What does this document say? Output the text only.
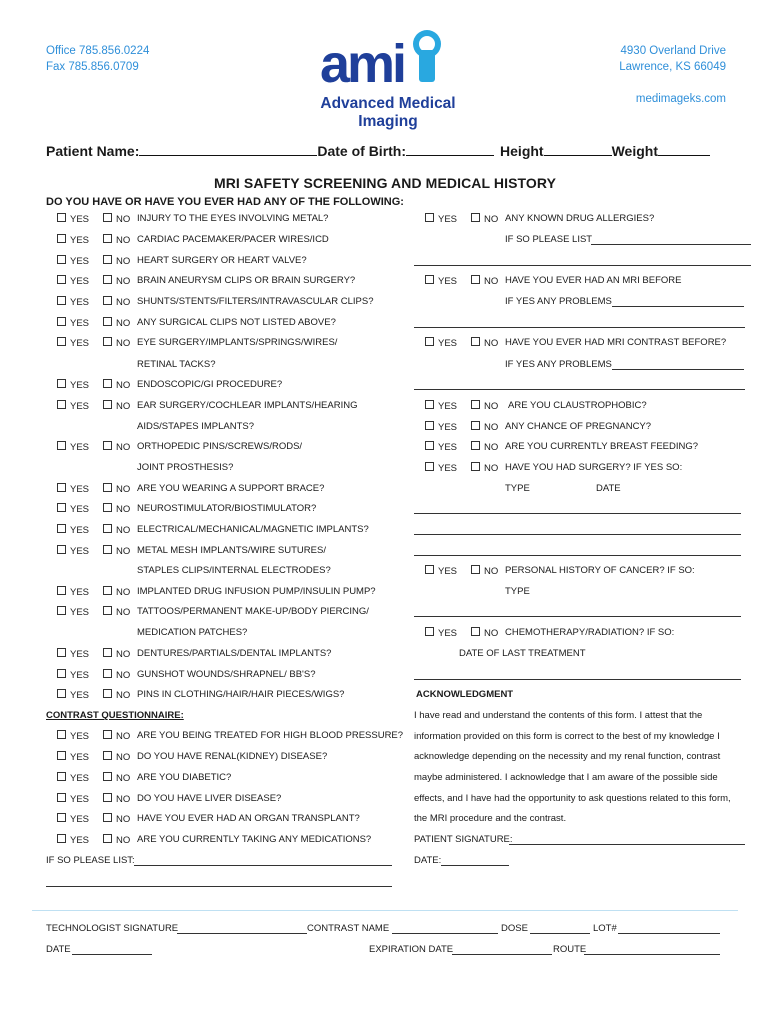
Office 785.856.0224
Fax 785.856.0709	ami
Advanced Medical
Imaging
4930 Overland Drive
Lawrence, KS 66049
medimageks.com
Patient Name:	Date of Birth:	Height	Weight
MRI SAFETY SCREENING AND MEDICAL HISTORY
DO YOU HAVE OR HAVE YOU EVER HAD ANY OF THE FOLLOWING:
YES	NO INJURY TO THE EYES INVOLVING METAL?
YES	NO CARDIAC PACEMAKER/PACER WIRES/ICD
YES	NO HEART SURGERY OR HEART VALVE?
YES	NO BRAIN ANEURYSM CLIPS OR BRAIN SURGERY?
YES	NO SHUNTS/STENTS/FILTERS/INTRAVASCULAR CLIPS?
YES	NO ANY SURGICAL CLIPS NOT LISTED ABOVE?
YES	NO EYE SURGERY/IMPLANTS/SPRINGS/WIRES/
RETINAL TACKS?
YES	NO ENDOSCOPIC/GI PROCEDURE?
YES	NO EAR SURGERY/COCHLEAR IMPLANTS/HEARING
AIDS/STAPES IMPLANTS?
YES	NO ORTHOPEDIC PINS/SCREWS/RODS/
JOINT PROSTHESIS?
YES	NO ARE YOU WEARING A SUPPORT BRACE?
YES	NO NEUROSTIMULATOR/BIOSTIMULATOR?
YES	NO ELECTRICAL/MECHANICAL/MAGNETIC IMPLANTS?
YES	NO METAL MESH IMPLANTS/WIRE SUTURES/
STAPLES CLIPS/INTERNAL ELECTRODES?
YES	NO IMPLANTED DRUG INFUSION PUMP/INSULIN PUMP?
YES	NO TATTOOS/PERMANENT MAKE-UP/BODY PIERCING/
MEDICATION PATCHES?
YES	NO DENTURES/PARTIALS/DENTAL IMPLANTS?
YES	NO GUNSHOT WOUNDS/SHRAPNEL/ BB'S?
YES	NO PINS IN CLOTHING/HAIR/HAIR PIECES/WIGS?
YES	NO ARE YOU BEING TREATED FOR HIGH BLOOD PRESSURE?
YES	NO DO YOU HAVE RENAL(KIDNEY) DISEASE?
YES	NO ARE YOU DIABETIC?
YES	NO DO YOU HAVE LIVER DISEASE?
YES	NO HAVE YOU EVER HAD AN ORGAN TRANSPLANT?
YES	NO ARE YOU CURRENTLY TAKING ANY MEDICATIONS?
YES	NO ANY KNOWN DRUG ALLERGIES?
IF SO PLEASE LIST
YES	NO HAVE YOU EVER HAD AN MRI BEFORE
IF YES ANY PROBLEMS
YES	NO HAVE YOU EVER HAD MRI CONTRAST BEFORE?
IF YES ANY PROBLEMS
YES	NO ARE YOU CLAUSTROPHOBIC?
YES	NO ANY CHANCE OF PREGNANCY?
YES	NO ARE YOU CURRENTLY BREAST FEEDING?
YES	NO HAVE YOU HAD SURGERY? IF YES SO:
YES	NO PERSONAL HISTORY OF CANCER? IF SO:
TYPE
YES	NO CHEMOTHERAPY/RADIATION? IF SO:
DATE OF LAST TREATMENT
TYPE	DATE
CONTRAST QUESTIONNAIRE:
IF SO PLEASE LIST:
ACKNOWLEDGMENT
I have read and understand the contents of this form. I attest that the
information provided on this form is correct to the best of my knowledge I
acknowledge depending on the necessity and my renal function, contrast
maybe administered. I acknowledge that I am aware of the possible side
effects, and I have had the opportunity to ask questions related to this form,
the MRI procedure and the contrast.
PATIENT SIGNATURE:
DATE:
TECHNOLOGIST SIGNATURE	CONTRAST NAME	DOSE	LOT#
DATE	EXPIRATION DATE	ROUTE
